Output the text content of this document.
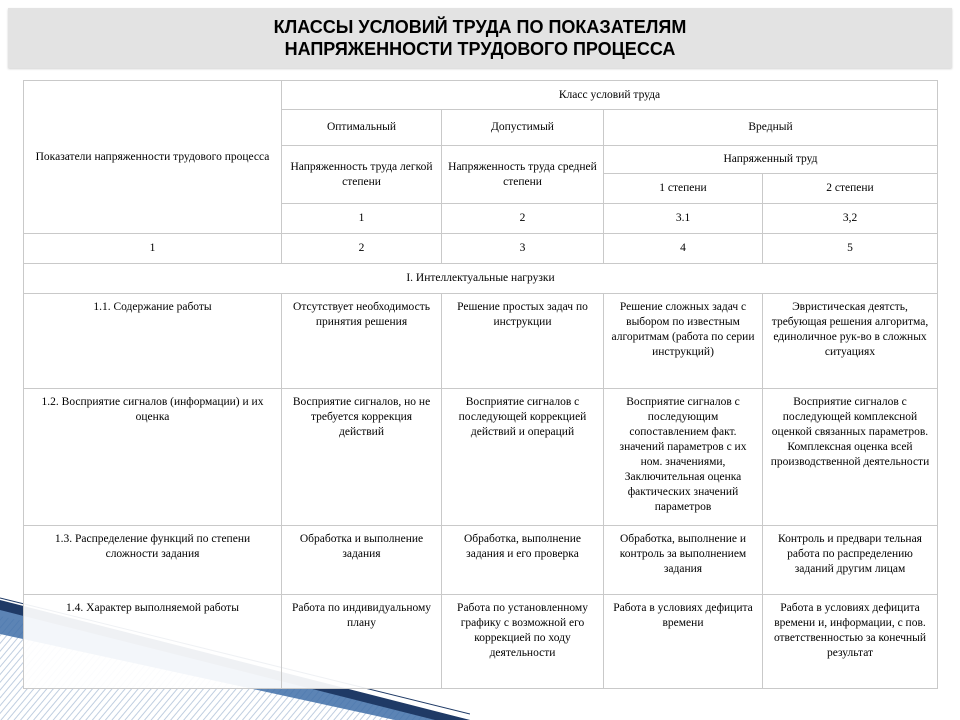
КЛАССЫ УСЛОВИЙ ТРУДА ПО ПОКАЗАТЕЛЯМ
НАПРЯЖЕННОСТИ ТРУДОВОГО ПРОЦЕССА
Показатели напряженности трудового процесса	Класс условий труда			
	Оптимальный	Допустимый	Вредный	
	Напряженность труда легкой степени	Напряженность труда средней степени	Напряженный труд	
			1 степени	2 степени
	1	2	3.1	3,2
1	2	3	4	5
I. Интеллектуальные нагрузки				
1.1. Содержание работы	Отсутствует необходимость принятия решения	Решение простых задач по инструкции	Решение сложных задач с выбором по известным алгоритмам (работа по серии инструкций)	Эвристическая деятсть, требующая решения алгоритма, единоличное рук-во в сложных ситуациях
1.2. Восприятие сигналов (информации) и их оценка	Восприятие сигналов, но не требуется коррекция действий	Восприятие сигналов с последующей коррекцией действий и операций	Восприятие сигналов с последующим сопоставлением факт. значений параметров с их ном. значениями, Заключительная оценка фактических значений параметров	Восприятие сигналов с последующей комплексной оценкой связанных параметров. Комплексная оценка всей производственной деятельности
1.3. Распределение функций по степени сложности задания	Обработка и выполнение задания	Обработка, выполнение задания и его проверка	Обработка, выполнение и контроль за выполнением задания	Контроль и предвари тельная работа по распределению заданий другим лицам
1.4. Характер выполняемой работы	Работа по индивидуальному плану	Работа по установленному графику с возможной его коррекцией по ходу деятельности	Работа в условиях дефицита времени	Работа в условиях дефицита времени и, информации, с пов. ответственностью за конечный результат
